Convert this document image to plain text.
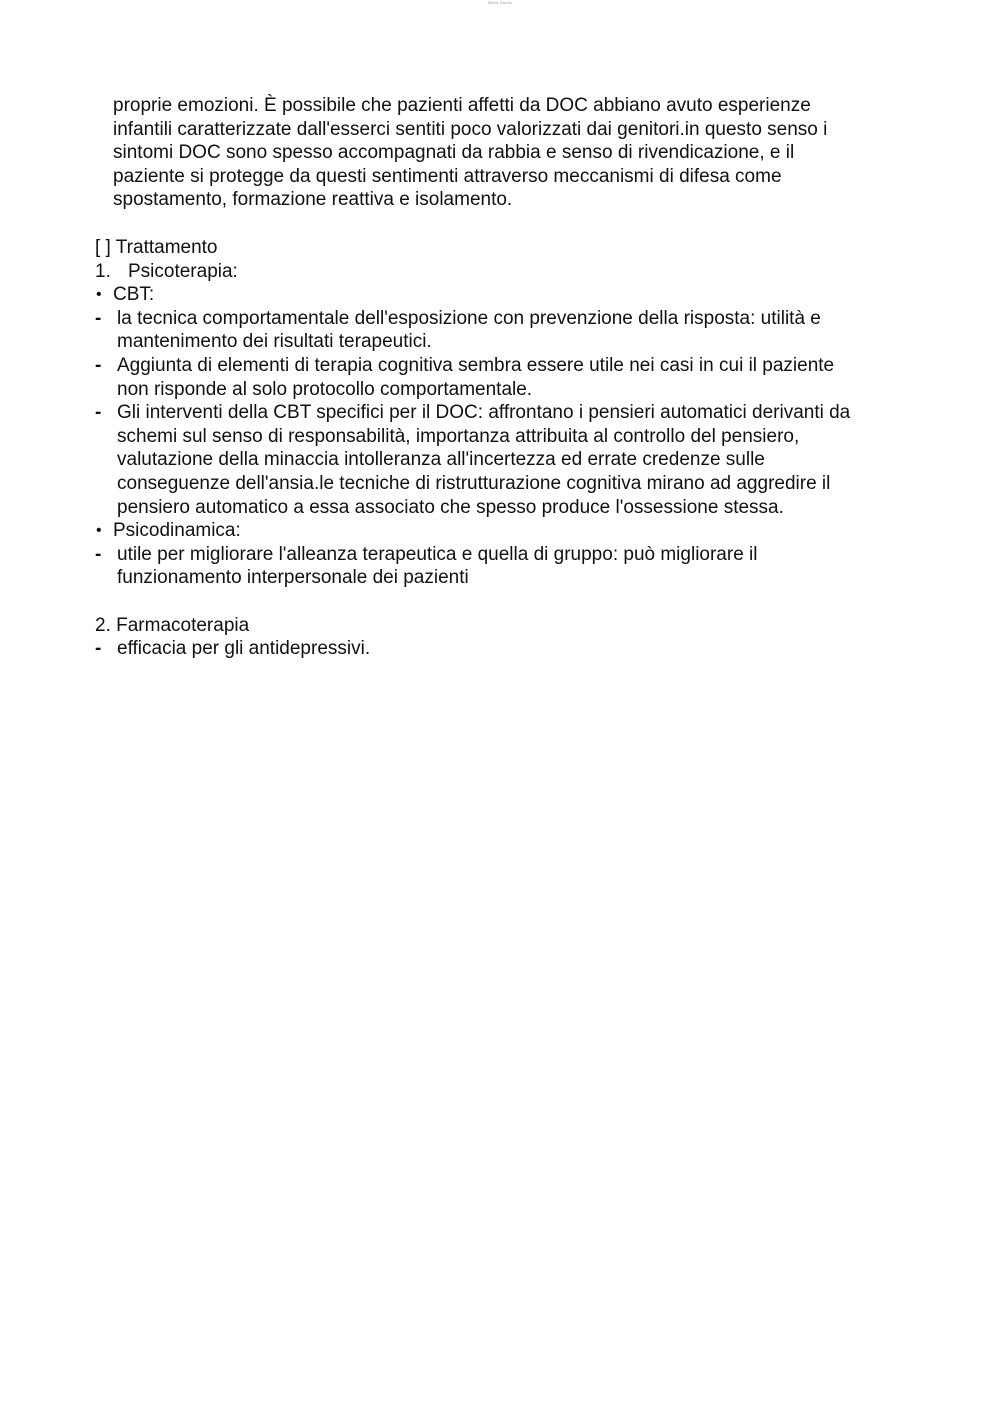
Salva Studio

proprie emozioni. È possibile che pazienti affetti da DOC abbiano avuto esperienze
infantili caratterizzate dall'esserci sentiti poco valorizzati dai genitori.in questo senso i
sintomi DOC sono spesso accompagnati da rabbia e senso di rivendicazione, e il
paziente si protegge da questi sentimenti attraverso meccanismi di difesa come
spostamento, formazione reattiva e isolamento.

[ ] Trattamento
1. Psicoterapia:
• CBT:
- la tecnica comportamentale dell'esposizione con prevenzione della risposta: utilità e
mantenimento dei risultati terapeutici.
- Aggiunta di elementi di terapia cognitiva sembra essere utile nei casi in cui il paziente
non risponde al solo protocollo comportamentale.
- Gli interventi della CBT specifici per il DOC: affrontano i pensieri automatici derivanti da
schemi sul senso di responsabilità, importanza attribuita al controllo del pensiero,
valutazione della minaccia intolleranza all'incertezza ed errate credenze sulle
conseguenze dell'ansia.le tecniche di ristrutturazione cognitiva mirano ad aggredire il
pensiero automatico a essa associato che spesso produce l'ossessione stessa.
• Psicodinamica:
- utile per migliorare l'alleanza terapeutica e quella di gruppo: può migliorare il
funzionamento interpersonale dei pazienti
2. Farmacoterapia
- efficacia per gli antidepressivi.
